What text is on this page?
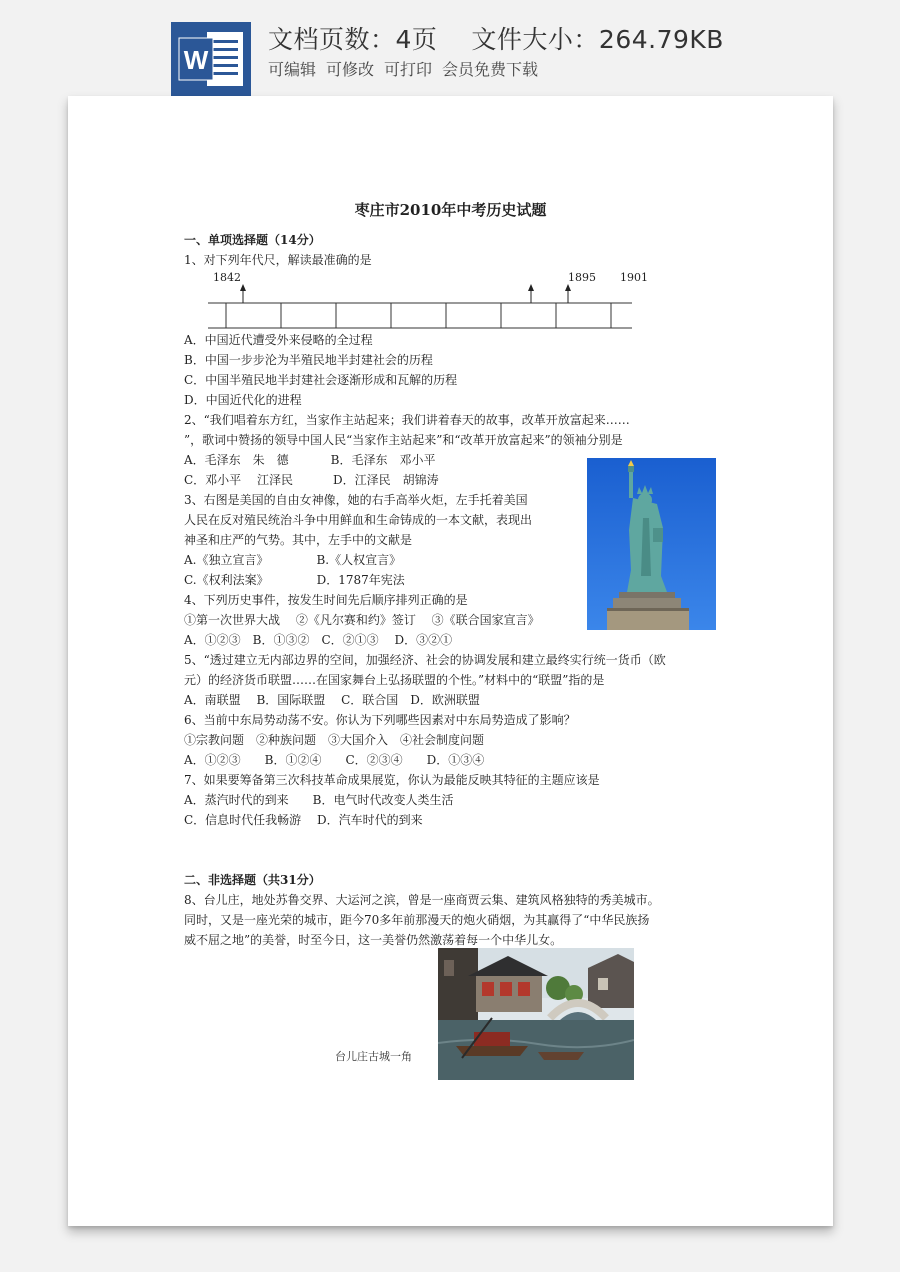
W
文档页数：4页 文件大小：264.79KB
可编辑 可修改 可打印 会员免费下载
枣庄市2010年中考历史试题
一、单项选择题（14分）
1、对下列年代尺，解读最准确的是
1842	1895 1901
A．中国近代遭受外来侵略的全过程
B．中国一步步沦为半殖民地半封建社会的历程
C．中国半殖民地半封建社会逐渐形成和瓦解的历程
D．中国近代化的进程
2、“我们唱着东方红，当家作主站起来；我们讲着春天的故事，改革开放富起来……
”，歌词中赞扬的领导中国人民“当家作主站起来”和“改革开放富起来”的领袖分别是
A．毛泽东　朱　德	B．毛泽东　邓小平
C．邓小平　 江泽民	D．江泽民　胡锦涛
3、右图是美国的自由女神像，她的右手高举火炬，左手托着美国
人民在反对殖民统治斗争中用鲜血和生命铸成的一本文献，表现出
神圣和庄严的气势。其中，左手中的文献是
A.《独立宣言》	B.《人权宣言》
C.《权利法案》	D．1787年宪法
4、下列历史事件，按发生时间先后顺序排列正确的是
①第一次世界大战　 ②《凡尔赛和约》签订　 ③《联合国家宣言》
A．①②③　B．①③②　C．②①③　 D．③②①
5、“透过建立无内部边界的空间，加强经济、社会的协调发展和建立最终实行统一货币（欧
元）的经济货币联盟……在国家舞台上弘扬联盟的个性。”材料中的“联盟”指的是
A．南联盟　 B．国际联盟　 C．联合国　D．欧洲联盟
6、当前中东局势动荡不安。你认为下列哪些因素对中东局势造成了影响？
①宗教问题　②种族问题　③大国介入　④社会制度问题
A．①②③　　B．①②④　　C．②③④　　D．①③④
7、如果要筹备第三次科技革命成果展览，你认为最能反映其特征的主题应该是
A．蒸汽时代的到来　　B．电气时代改变人类生活
C．信息时代任我畅游　 D．汽车时代的到来
二、非选择题（共31分）
8、台儿庄，地处苏鲁交界、大运河之滨，曾是一座商贾云集、建筑风格独特的秀美城市。
同时，又是一座光荣的城市，距今70多年前那漫天的炮火硝烟，为其赢得了“中华民族扬
威不屈之地”的美誉，时至今日，这一美誉仍然激荡着每一个中华儿女。
台儿庄古城一角
